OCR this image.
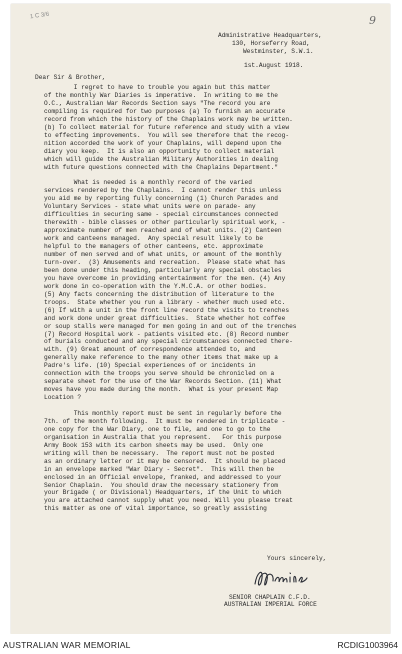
1 C 3/6	9
Administrative Headquarters,
130, Horseferry Road,
Westminster, S.W.1.
1st.August 1918.
Dear Sir & Brother,
I regret to have to trouble you again but this matter
of the monthly War Diaries is imperative.  In writing to me the
O.C., Australian War Records Section says "The record you are
compiling is required for two purposes (a) To furnish an accurate
record from which the history of the Chaplains work may be written.
(b) To collect material for future reference and study with a view
to effecting improvements.  You will see therefore that the recog-
nition accorded the work of your Chaplains, will depend upon the
diary you keep.  It is also an opportunity to collect material
which will guide the Australian Military Authorities in dealing
with future questions connected with the Chaplains Department."
What is needed is a monthly record of the varied
services rendered by the Chaplains.  I cannot render this unless
you aid me by reporting fully concerning (1) Church Parades and
Voluntary Services - state what units were on parade- any
difficulties in securing same - special circumstances connected
therewith - bible classes or other particularly spiritual work, -
approximate number of men reached and of what units. (2) Canteen
work and canteens managed.  Any special result likely to be
helpful to the managers of other canteens, etc. approximate
number of men served and of what units, or amount of the monthly
turn-over.  (3) Amusements and recreation.  Please state what has
been done under this heading, particularly any special obstacles
you have overcome in providing entertainment for the men. (4) Any
work done in co-operation with the Y.M.C.A. or other bodies.
(5) Any facts concerning the distribution of literature to the
troops.  State whether you run a library - whether much used etc.
(6) If with a unit in the front line record the visits to trenches
and work done under great difficulties.  State whether hot coffee
or soup stalls were managed for men going in and out of the trenches
(7) Record Hospital work - patients visited etc. (8) Record number
of burials conducted and any special circumstances connected there-
with. (9) Great amount of correspondence attended to, and
generally make reference to the many other items that make up a
Padre's life. (10) Special experiences of or incidents in
connection with the troops you serve should be chronicled on a
separate sheet for the use of the War Records Section. (11) What
moves have you made during the month.  What is your present Map
Location ?
This monthly report must be sent in regularly before the
7th. of the month following.  It must be rendered in triplicate -
one copy for the War Diary, one to file, and one to go to the
organisation in Australia that you represent.   For this purpose
Army Book 153 with its carbon sheets may be used.  Only one
writing will then be necessary.  The report must not be posted
as an ordinary letter or it may be censored.  It should be placed
in an envelope marked "War Diary - Secret".  This will then be
enclosed in an Official envelope, franked, and addressed to your
Senior Chaplain.  You should draw the necessary stationery from
your Brigade ( or Divisional) Headquarters, if the Unit to which
you are attached cannot supply what you need. Will you please treat
this matter as one of vital importance, so greatly assisting
Yours sincerely,
SENIOR CHAPLAIN C.F.D.
AUSTRALIAN IMPERIAL FORCE
AUSTRALIAN WAR MEMORIAL	RCDIG1003964
